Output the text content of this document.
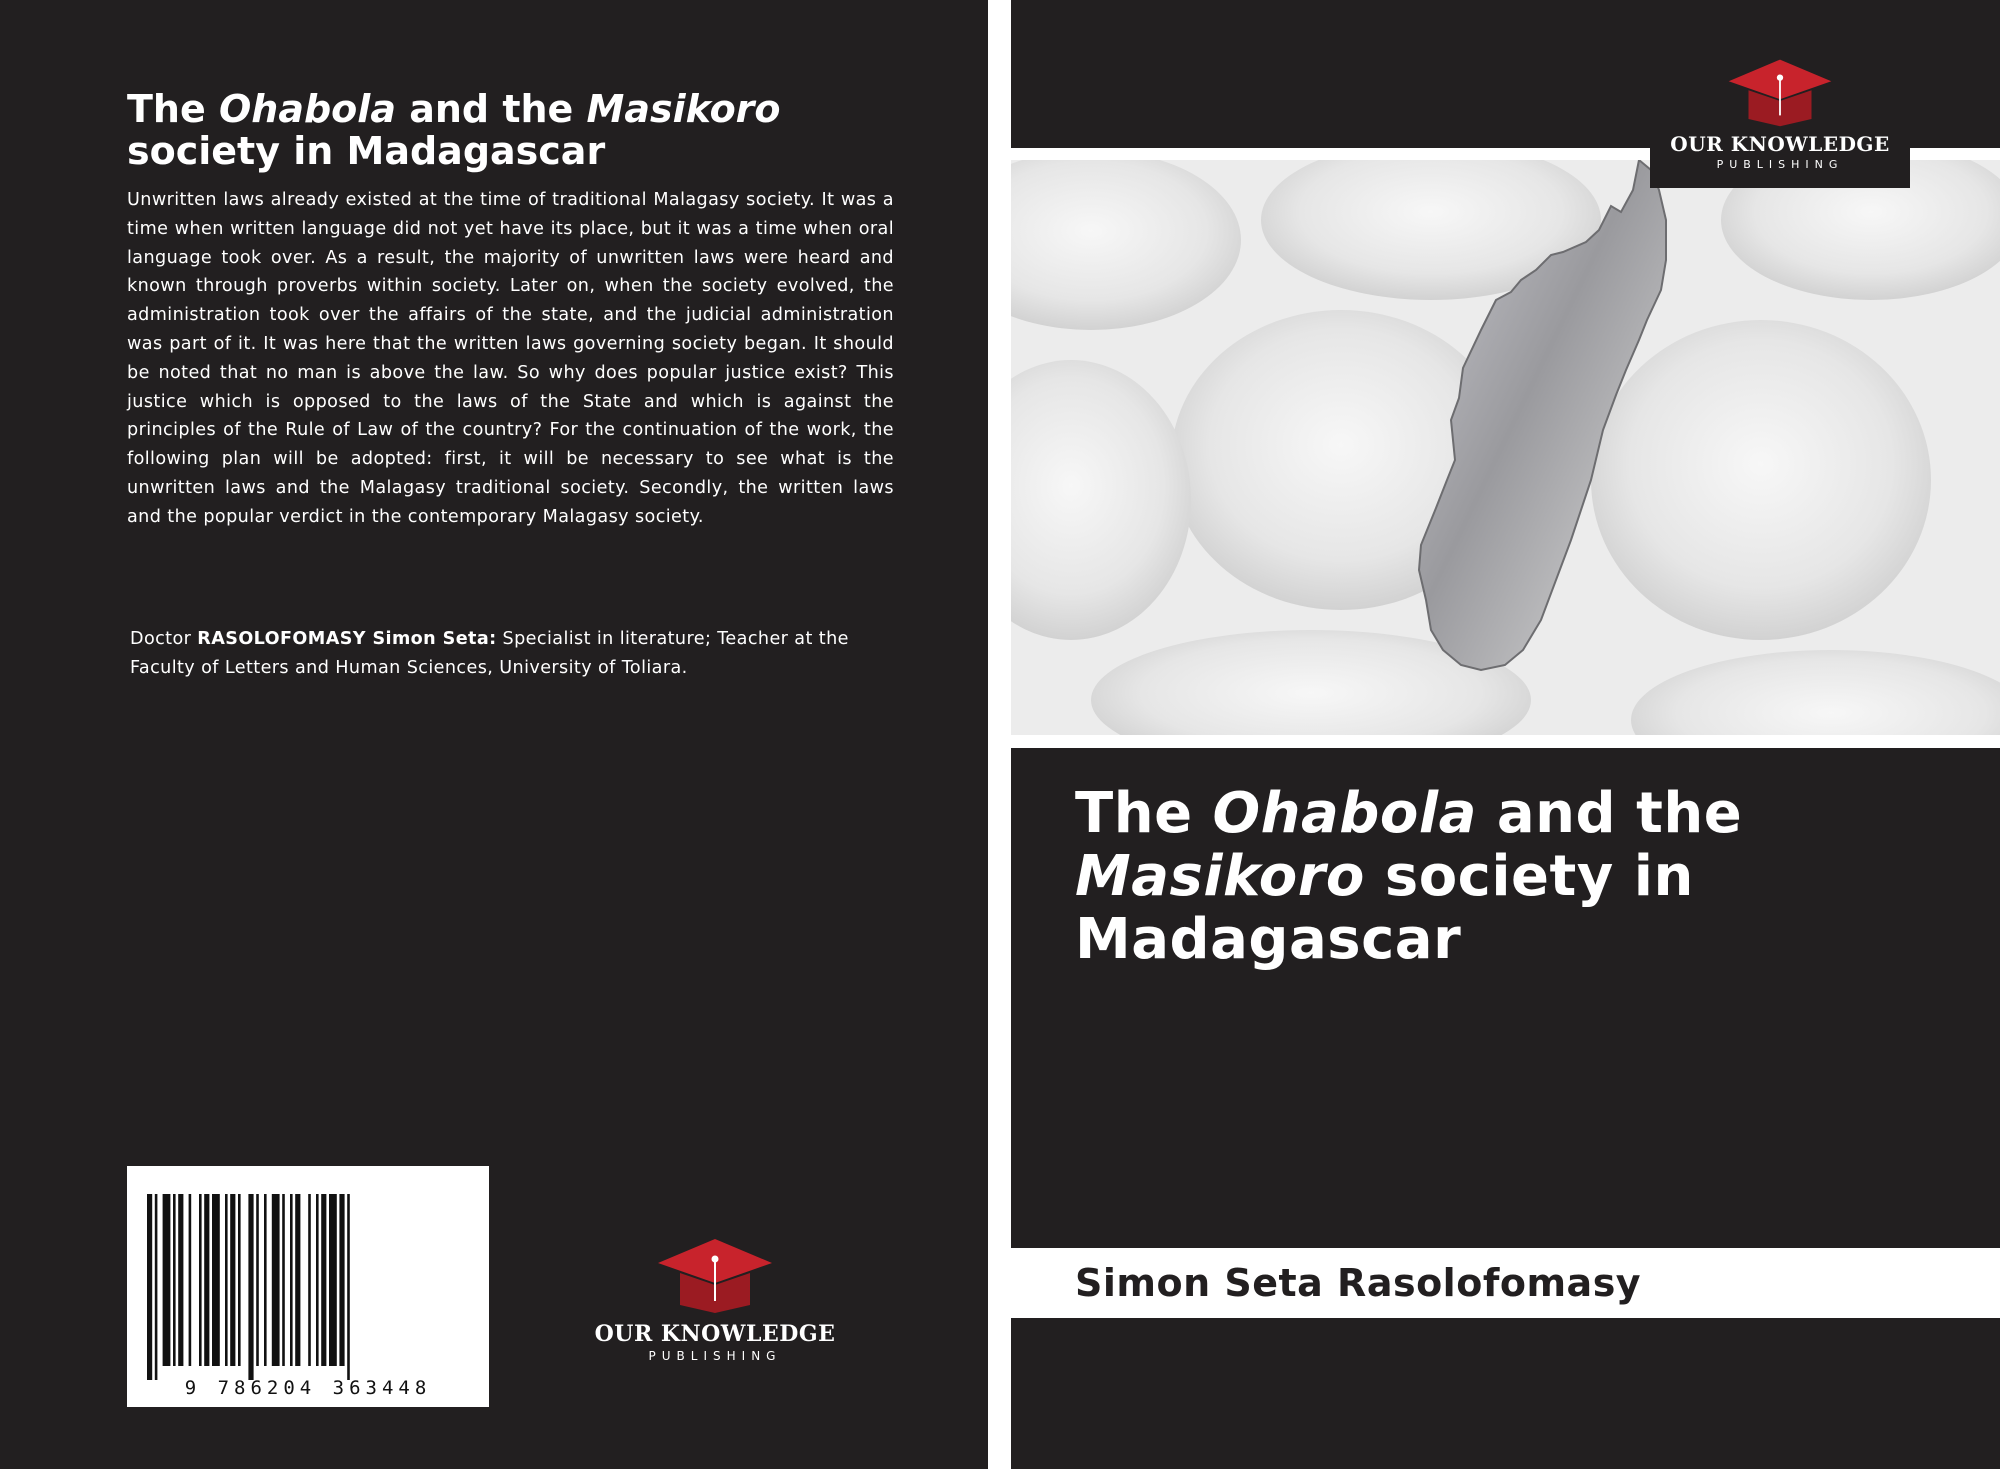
The Ohabola and the Masikoro
society in Madagascar

Unwritten laws already existed at the time of traditional Malagasy society. It was a time when written language did not yet have its place, but it was a time when oral language took over. As a result, the majority of unwritten laws were heard and known through proverbs within society. Later on, when the society evolved, the administration took over the affairs of the state, and the judicial administration was part of it. It was here that the written laws governing society began. It should be noted that no man is above the law. So why does popular justice exist? This justice which is opposed to the laws of the State and which is against the principles of the Rule of Law of the country? For the continuation of the work, the following plan will be adopted: first, it will be necessary to see what is the unwritten laws and the Malagasy traditional society. Secondly, the written laws and the popular verdict in the contemporary Malagasy society.

Doctor RASOLOFOMASY Simon Seta: Specialist in literature; Teacher at the Faculty of Letters and Human Sciences, University of Toliara.

9 786204 363448
OUR KNOWLEDGE
PUBLISHING
OUR KNOWLEDGE
PUBLISHING
The Ohabola and the
Masikoro society in Madagascar

Simon Seta Rasolofomasy
